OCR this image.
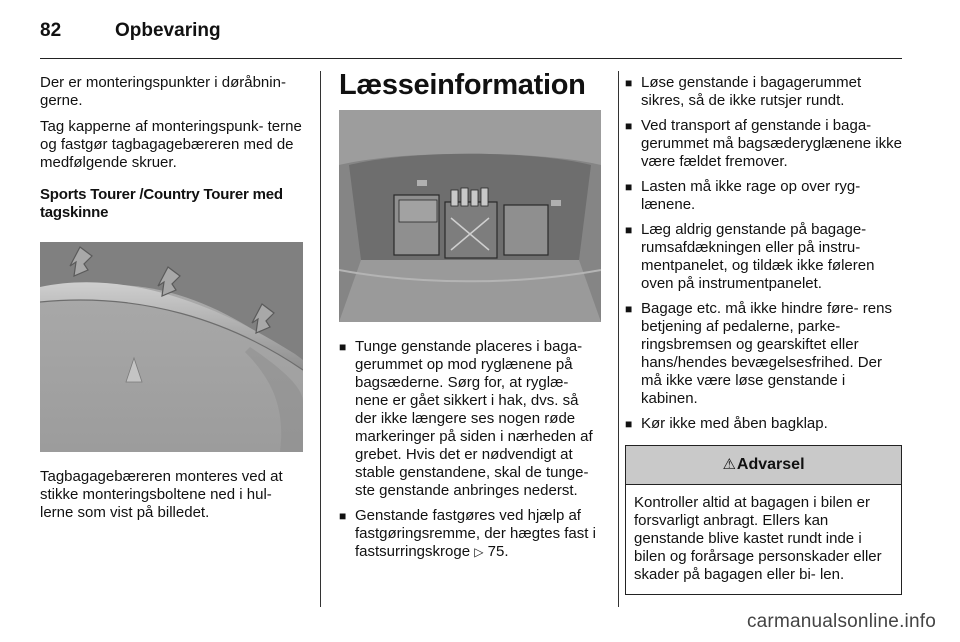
82	Opbevaring

Der er monteringspunkter i døråbnin- gerne.

Tag kapperne af monteringspunk- terne og fastgør tagbagagebæreren med de medfølgende skruer.

Sports Tourer /Country Tourer med tagskinne

Tagbagagebæreren monteres ved at stikke monteringsboltene ned i hul- lerne som vist på billedet.

Læsseinformation
■ Tunge genstande placeres i baga- gerummet op mod ryglænene på bagsæderne. Sørg for, at ryglæ- nene er gået sikkert i hak, dvs. så der ikke længere ses nogen røde markeringer på siden i nærheden af grebet. Hvis det er nødvendigt at stable genstandene, skal de tunge- ste genstande anbringes nederst.
■ Genstande fastgøres ved hjælp af fastgøringsremme, der hægtes fast i fastsurringskroge ▷ 75.
■ Løse genstande i bagagerummet sikres, så de ikke rutsjer rundt.
■ Ved transport af genstande i baga- gerummet må bagsæderyglænene ikke være fældet fremover.
■ Lasten må ikke rage op over ryg- lænene.
■ Læg aldrig genstande på bagage- rumsafdækningen eller på instru- mentpanelet, og tildæk ikke føleren oven på instrumentpanelet.
■ Bagage etc. må ikke hindre føre- rens betjening af pedalerne, parke- ringsbremsen og gearskiftet eller hans/hendes bevægelsesfrihed. Der må ikke være løse genstande i kabinen.
■ Kør ikke med åben bagklap.
⚠ Advarsel
Kontroller altid at bagagen i bilen er forsvarligt anbragt. Ellers kan genstande blive kastet rundt inde i bilen og forårsage personskader eller skader på bagagen eller bi- len.
carmanualsonline.info
